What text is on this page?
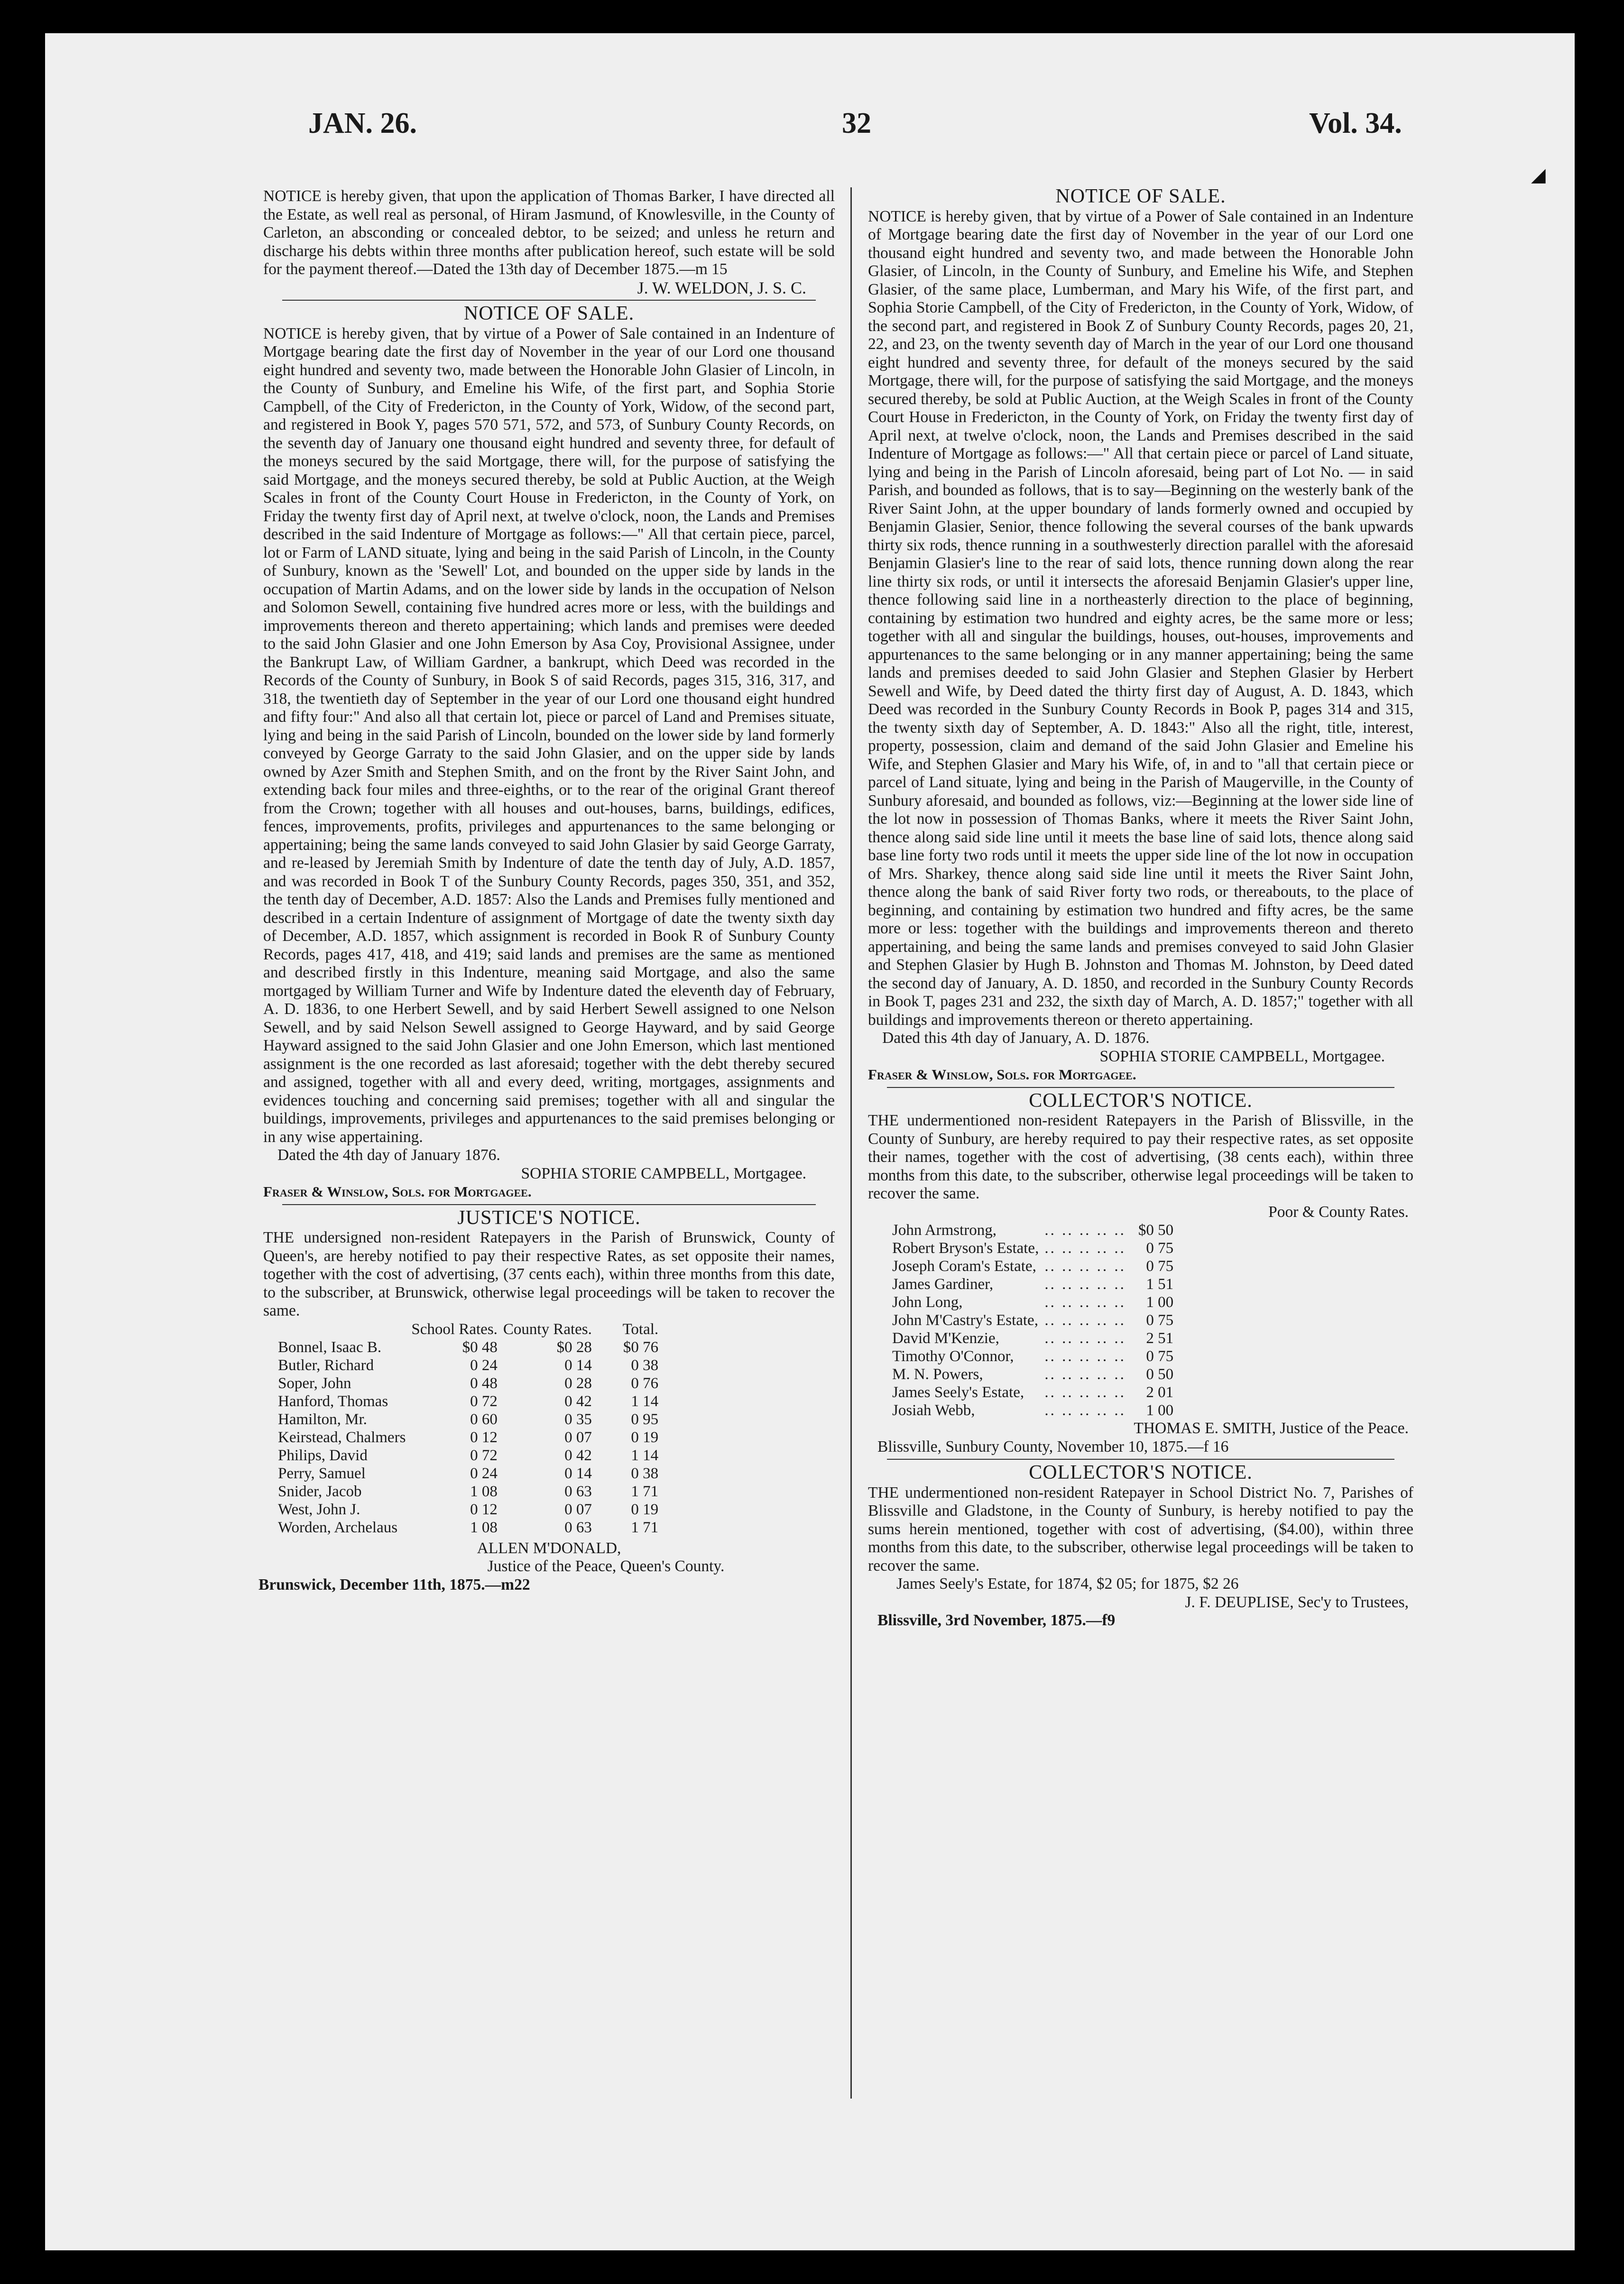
JAN. 26.	32	Vol. 34.
◢

NOTICE is hereby given, that upon the application of Thomas Barker, I have directed all the Estate, as well real as personal, of Hiram Jasmund, of Knowlesville, in the County of Carleton, an absconding or concealed debtor, to be seized; and unless he return and discharge his debts within three months after publication hereof, such estate will be sold for the payment thereof.—Dated the 13th day of December 1875.—m 15

J. W. WELDON, J. S. C.
NOTICE OF SALE.

NOTICE is hereby given, that by virtue of a Power of Sale contained in an Indenture of Mortgage bearing date the first day of November in the year of our Lord one thousand eight hundred and seventy two, made between the Honorable John Glasier of Lincoln, in the County of Sunbury, and Emeline his Wife, of the first part, and Sophia Storie Campbell, of the City of Fredericton, in the County of York, Widow, of the second part, and registered in Book Y, pages 570 571, 572, and 573, of Sunbury County Records, on the seventh day of January one thousand eight hundred and seventy three, for default of the moneys secured by the said Mortgage, there will, for the purpose of satisfying the said Mortgage, and the moneys secured thereby, be sold at Public Auction, at the Weigh Scales in front of the County Court House in Fredericton, in the County of York, on Friday the twenty first day of April next, at twelve o'clock, noon, the Lands and Premises described in the said Indenture of Mortgage as follows:—" All that certain piece, parcel, lot or Farm of LAND situate, lying and being in the said Parish of Lincoln, in the County of Sunbury, known as the 'Sewell' Lot, and bounded on the upper side by lands in the occupation of Martin Adams, and on the lower side by lands in the occupation of Nelson and Solomon Sewell, containing five hundred acres more or less, with the buildings and improvements thereon and thereto appertaining; which lands and premises were deeded to the said John Glasier and one John Emerson by Asa Coy, Provisional Assignee, under the Bankrupt Law, of William Gardner, a bankrupt, which Deed was recorded in the Records of the County of Sunbury, in Book S of said Records, pages 315, 316, 317, and 318, the twentieth day of September in the year of our Lord one thousand eight hundred and fifty four:" And also all that certain lot, piece or parcel of Land and Premises situate, lying and being in the said Parish of Lincoln, bounded on the lower side by land formerly conveyed by George Garraty to the said John Glasier, and on the upper side by lands owned by Azer Smith and Stephen Smith, and on the front by the River Saint John, and extending back four miles and three-eighths, or to the rear of the original Grant thereof from the Crown; together with all houses and out-houses, barns, buildings, edifices, fences, improvements, profits, privileges and appurtenances to the same belonging or appertaining; being the same lands conveyed to said John Glasier by said George Garraty, and re-leased by Jeremiah Smith by Indenture of date the tenth day of July, A.D. 1857, and was recorded in Book T of the Sunbury County Records, pages 350, 351, and 352, the tenth day of December, A.D. 1857: Also the Lands and Premises fully mentioned and described in a certain Indenture of assignment of Mortgage of date the twenty sixth day of December, A.D. 1857, which assignment is recorded in Book R of Sunbury County Records, pages 417, 418, and 419; said lands and premises are the same as mentioned and described firstly in this Indenture, meaning said Mortgage, and also the same mortgaged by William Turner and Wife by Indenture dated the eleventh day of February, A. D. 1836, to one Herbert Sewell, and by said Herbert Sewell assigned to one Nelson Sewell, and by said Nelson Sewell assigned to George Hayward, and by said George Hayward assigned to the said John Glasier and one John Emerson, which last mentioned assignment is the one recorded as last aforesaid; together with the debt thereby secured and assigned, together with all and every deed, writing, mortgages, assignments and evidences touching and concerning said premises; together with all and singular the buildings, improvements, privileges and appurtenances to the said premises belonging or in any wise appertaining.

Dated the 4th day of January 1876.

SOPHIA STORIE CAMPBELL, Mortgagee.
Fraser & Winslow, Sols. for Mortgagee.
JUSTICE'S NOTICE.

THE undersigned non-resident Ratepayers in the Parish of Brunswick, County of Queen's, are hereby notified to pay their respective Rates, as set opposite their names, together with the cost of advertising, (37 cents each), within three months from this date, to the subscriber, at Brunswick, otherwise legal proceedings will be taken to recover the same.

	School Rates.	County Rates.	Total.
Bonnel, Isaac B.	$0 48	$0 28	$0 76
Butler, Richard	0 24	0 14	0 38
Soper, John	0 48	0 28	0 76
Hanford, Thomas	0 72	0 42	1 14
Hamilton, Mr.	0 60	0 35	0 95
Keirstead, Chalmers	0 12	0 07	0 19
Philips, David	0 72	0 42	1 14
Perry, Samuel	0 24	0 14	0 38
Snider, Jacob	1 08	0 63	1 71
West, John J.	0 12	0 07	0 19
Worden, Archelaus	1 08	0 63	1 71
ALLEN M'DONALD,
Justice of the Peace, Queen's County.
Brunswick, December 11th, 1875.—m22
NOTICE OF SALE.

NOTICE is hereby given, that by virtue of a Power of Sale contained in an Indenture of Mortgage bearing date the first day of November in the year of our Lord one thousand eight hundred and seventy two, and made between the Honorable John Glasier, of Lincoln, in the County of Sunbury, and Emeline his Wife, and Stephen Glasier, of the same place, Lumberman, and Mary his Wife, of the first part, and Sophia Storie Campbell, of the City of Fredericton, in the County of York, Widow, of the second part, and registered in Book Z of Sunbury County Records, pages 20, 21, 22, and 23, on the twenty seventh day of March in the year of our Lord one thousand eight hundred and seventy three, for default of the moneys secured by the said Mortgage, there will, for the purpose of satisfying the said Mortgage, and the moneys secured thereby, be sold at Public Auction, at the Weigh Scales in front of the County Court House in Fredericton, in the County of York, on Friday the twenty first day of April next, at twelve o'clock, noon, the Lands and Premises described in the said Indenture of Mortgage as follows:—" All that certain piece or parcel of Land situate, lying and being in the Parish of Lincoln aforesaid, being part of Lot No. — in said Parish, and bounded as follows, that is to say—Beginning on the westerly bank of the River Saint John, at the upper boundary of lands formerly owned and occupied by Benjamin Glasier, Senior, thence following the several courses of the bank upwards thirty six rods, thence running in a southwesterly direction parallel with the aforesaid Benjamin Glasier's line to the rear of said lots, thence running down along the rear line thirty six rods, or until it intersects the aforesaid Benjamin Glasier's upper line, thence following said line in a northeasterly direction to the place of beginning, containing by estimation two hundred and eighty acres, be the same more or less; together with all and singular the buildings, houses, out-houses, improvements and appurtenances to the same belonging or in any manner appertaining; being the same lands and premises deeded to said John Glasier and Stephen Glasier by Herbert Sewell and Wife, by Deed dated the thirty first day of August, A. D. 1843, which Deed was recorded in the Sunbury County Records in Book P, pages 314 and 315, the twenty sixth day of September, A. D. 1843:" Also all the right, title, interest, property, possession, claim and demand of the said John Glasier and Emeline his Wife, and Stephen Glasier and Mary his Wife, of, in and to "all that certain piece or parcel of Land situate, lying and being in the Parish of Maugerville, in the County of Sunbury aforesaid, and bounded as follows, viz:—Beginning at the lower side line of the lot now in possession of Thomas Banks, where it meets the River Saint John, thence along said side line until it meets the base line of said lots, thence along said base line forty two rods until it meets the upper side line of the lot now in occupation of Mrs. Sharkey, thence along said side line until it meets the River Saint John, thence along the bank of said River forty two rods, or thereabouts, to the place of beginning, and containing by estimation two hundred and fifty acres, be the same more or less: together with the buildings and improvements thereon and thereto appertaining, and being the same lands and premises conveyed to said John Glasier and Stephen Glasier by Hugh B. Johnston and Thomas M. Johnston, by Deed dated the second day of January, A. D. 1850, and recorded in the Sunbury County Records in Book T, pages 231 and 232, the sixth day of March, A. D. 1857;" together with all buildings and improvements thereon or thereto appertaining.

Dated this 4th day of January, A. D. 1876.

SOPHIA STORIE CAMPBELL, Mortgagee.
Fraser & Winslow, Sols. for Mortgagee.
COLLECTOR'S NOTICE.

THE undermentioned non-resident Ratepayers in the Parish of Blissville, in the County of Sunbury, are hereby required to pay their respective rates, as set opposite their names, together with the cost of advertising, (38 cents each), within three months from this date, to the subscriber, otherwise legal proceedings will be taken to recover the same.

Poor & County Rates.
John Armstrong,	.. .. .. .. ..	$0 50
Robert Bryson's Estate,	.. .. .. .. ..	0 75
Joseph Coram's Estate,	.. .. .. .. ..	0 75
James Gardiner,	.. .. .. .. ..	1 51
John Long,	.. .. .. .. ..	1 00
John M'Castry's Estate,	.. .. .. .. ..	0 75
David M'Kenzie,	.. .. .. .. ..	2 51
Timothy O'Connor,	.. .. .. .. ..	0 75
M. N. Powers,	.. .. .. .. ..	0 50
James Seely's Estate,	.. .. .. .. ..	2 01
Josiah Webb,	.. .. .. .. ..	1 00
THOMAS E. SMITH, Justice of the Peace.
Blissville, Sunbury County, November 10, 1875.—f 16
COLLECTOR'S NOTICE.

THE undermentioned non-resident Ratepayer in School District No. 7, Parishes of Blissville and Gladstone, in the County of Sunbury, is hereby notified to pay the sums herein mentioned, together with cost of advertising, ($4.00), within three months from this date, to the subscriber, otherwise legal proceedings will be taken to recover the same.

James Seely's Estate, for 1874, $2 05; for 1875, $2 26
J. F. DEUPLISE, Sec'y to Trustees,
Blissville, 3rd November, 1875.—f9
